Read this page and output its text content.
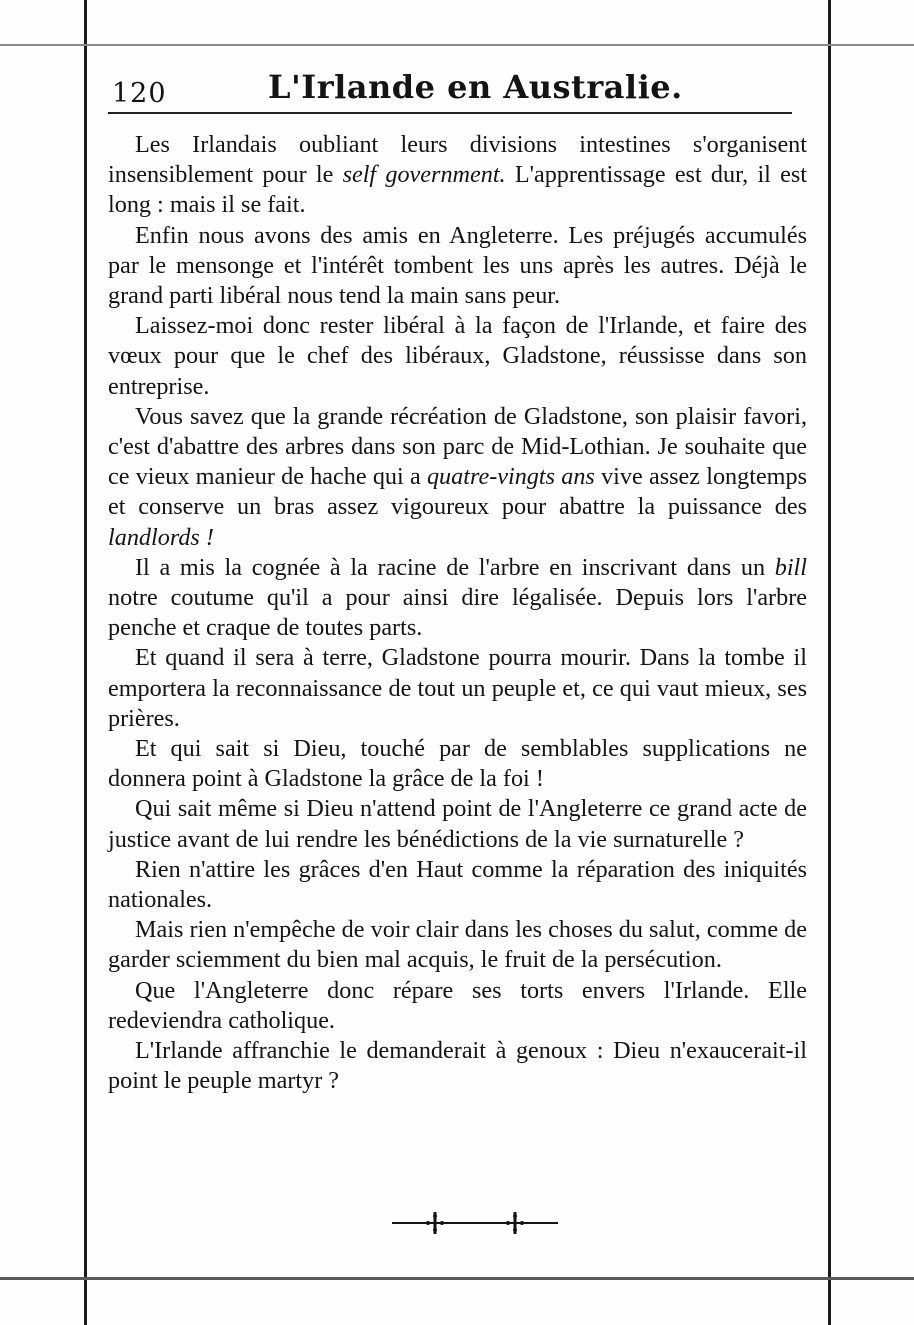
120	L'Irlande en Australie.

Les Irlandais oubliant leurs divisions intestines s'organisent insensiblement pour le self government. L'apprentissage est dur, il est long : mais il se fait.

Enfin nous avons des amis en Angleterre. Les préjugés accumulés par le mensonge et l'intérêt tombent les uns après les autres. Déjà le grand parti libéral nous tend la main sans peur.

Laissez-moi donc rester libéral à la façon de l'Irlande, et faire des vœux pour que le chef des libéraux, Gladstone, réussisse dans son entreprise.

Vous savez que la grande récréation de Gladstone, son plaisir favori, c'est d'abattre des arbres dans son parc de Mid-Lothian. Je souhaite que ce vieux manieur de hache qui a quatre-vingts ans vive assez longtemps et conserve un bras assez vigoureux pour abattre la puissance des landlords !

Il a mis la cognée à la racine de l'arbre en inscrivant dans un bill notre coutume qu'il a pour ainsi dire légalisée. Depuis lors l'arbre penche et craque de toutes parts.

Et quand il sera à terre, Gladstone pourra mourir. Dans la tombe il emportera la reconnaissance de tout un peuple et, ce qui vaut mieux, ses prières.

Et qui sait si Dieu, touché par de semblables supplications ne donnera point à Gladstone la grâce de la foi !

Qui sait même si Dieu n'attend point de l'Angleterre ce grand acte de justice avant de lui rendre les bénédictions de la vie surnaturelle ?

Rien n'attire les grâces d'en Haut comme la réparation des iniquités nationales.

Mais rien n'empêche de voir clair dans les choses du salut, comme de garder sciemment du bien mal acquis, le fruit de la persécution.

Que l'Angleterre donc répare ses torts envers l'Irlande. Elle redeviendra catholique.

L'Irlande affranchie le demanderait à genoux : Dieu n'exaucerait-il point le peuple martyr ?
